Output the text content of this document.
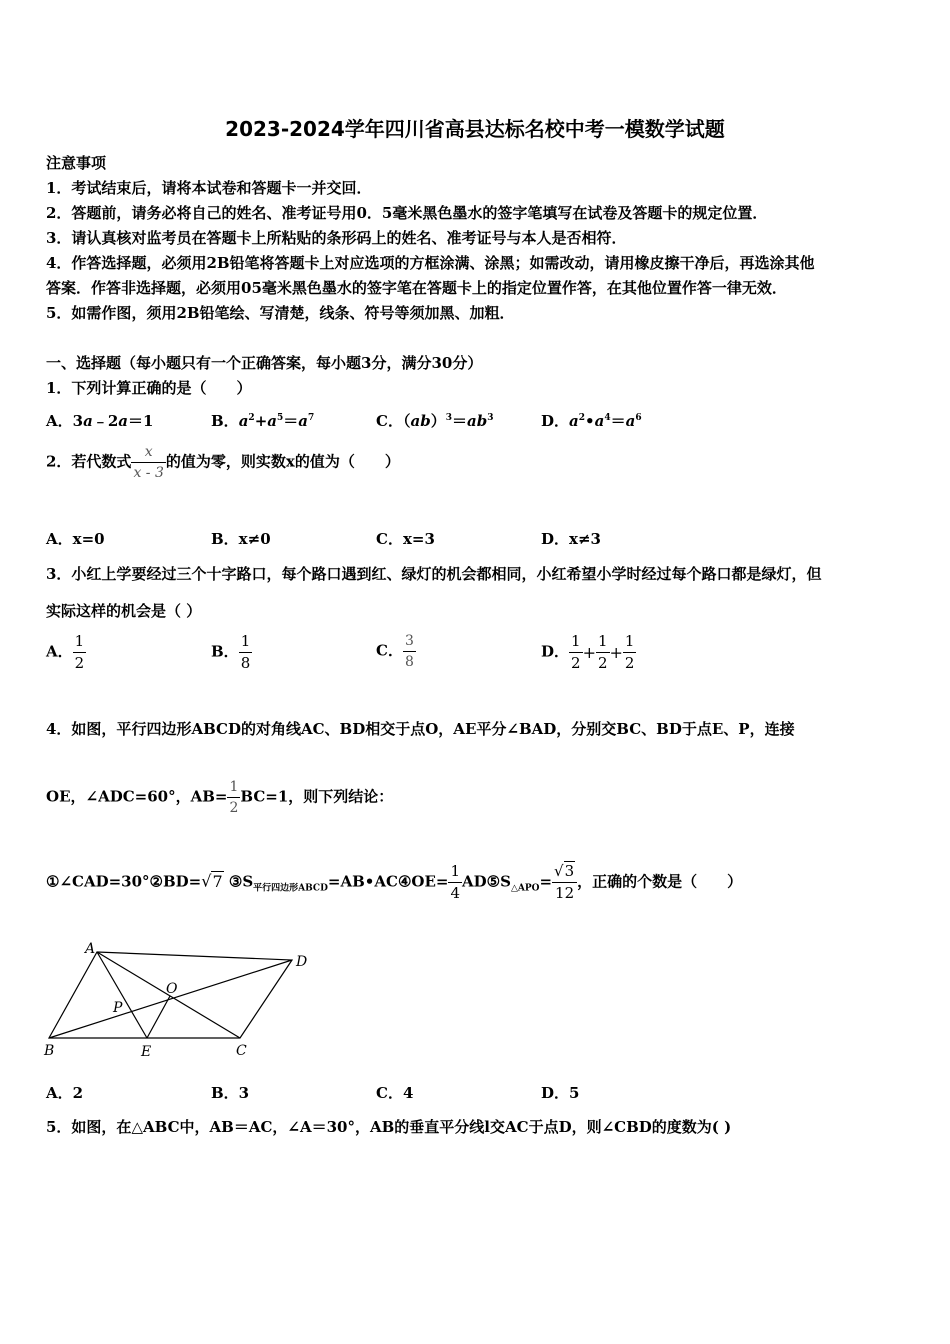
2023-2024学年四川省高县达标名校中考一模数学试题
注意事项
1．考试结束后，请将本试卷和答题卡一并交回．
2．答题前，请务必将自己的姓名、准考证号用0．5毫米黑色墨水的签字笔填写在试卷及答题卡的规定位置．
3．请认真核对监考员在答题卡上所粘贴的条形码上的姓名、准考证号与本人是否相符．
4．作答选择题，必须用2B铅笔将答题卡上对应选项的方框涂满、涂黑；如需改动，请用橡皮擦干净后，再选涂其他
答案．作答非选择题，必须用05毫米黑色墨水的签字笔在答题卡上的指定位置作答，在其他位置作答一律无效．
5．如需作图，须用2B铅笔绘、写清楚，线条、符号等须加黑、加粗．
一、选择题（每小题只有一个正确答案，每小题3分，满分30分）
1．下列计算正确的是（　　）
A．3a﹣2a＝1	B．$a^2+a^5=a^7$	C．$(ab)^3=ab^3$	D．$a^2•a^4=a^6$
2．若代数式 $\frac{x}{x - 3}$ 的值为零，则实数x的值为（　　）
A．x=0	B．x≠0	C．x=3	D．x≠3
3．小红上学要经过三个十字路口，每个路口遇到红、绿灯的机会都相同，小红希望小学时经过每个路口都是绿灯，但
实际这样的机会是（ ）
A． $\frac{1}{2}$	B． $\frac{1}{8}$	C． $\frac{3}{8}$	D． $\frac{1}{2} + \frac{1}{2} + \frac{1}{2}$
4．如图，平行四边形ABCD的对角线AC、BD相交于点O，AE平分∠BAD，分别交BC、BD于点E、P，连接
OE，∠ADC=60°，$AB= \frac{1}{2} BC=1$，则下列结论：
①∠CAD=30°②BD=√7 $③S_{平行四边形ABCD}=AB•AC④OE= \frac{1}{4}$ $AD⑤S_{\triangle APO}= \frac{√3}{12}$ ，正确的个数是（　　）
A
D
O
P
B	E	C
A．2	B．3	C．4	D．5
5．如图，在△ABC中，AB＝AC，∠A＝30°，AB的垂直平分线l交AC于点D，则∠CBD的度数为( )
